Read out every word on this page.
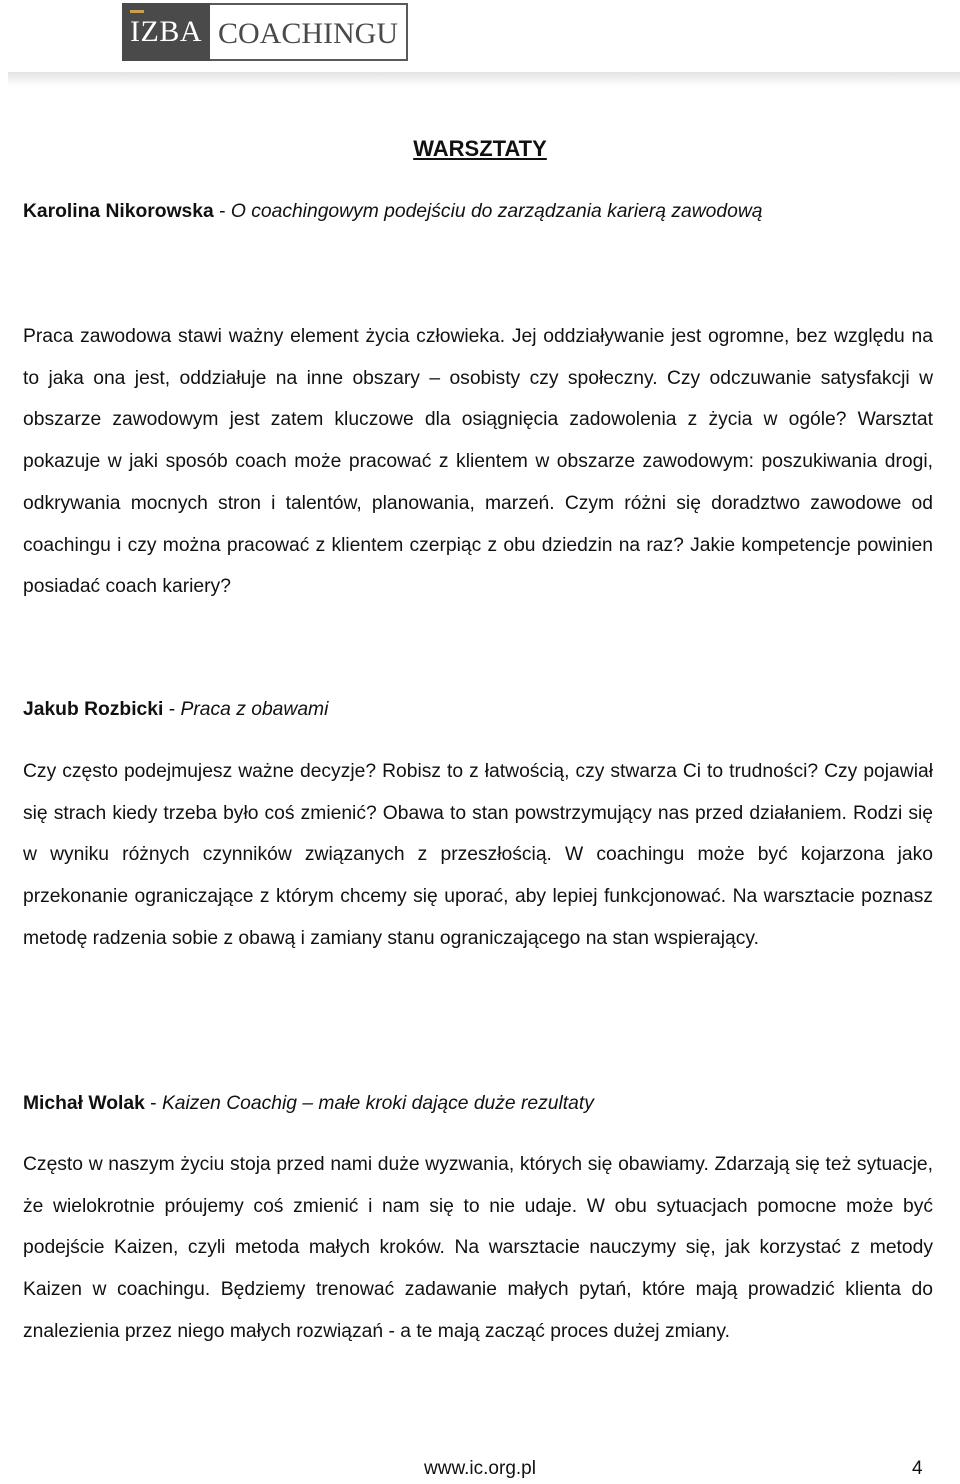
IZBA COACHINGU
WARSZTATY
Karolina Nikorowska - O coachingowym podejściu do zarządzania karierą zawodową

Praca zawodowa stawi ważny element życia człowieka. Jej oddziaływanie jest ogromne, bez względu na to jaka ona jest, oddziałuje na inne obszary – osobisty czy społeczny. Czy odczuwanie satysfakcji w obszarze zawodowym jest zatem kluczowe dla osiągnięcia zadowolenia z życia w ogóle? Warsztat pokazuje w jaki sposób coach może pracować z klientem w obszarze zawodowym: poszukiwania drogi, odkrywania mocnych stron i talentów, planowania, marzeń. Czym różni się doradztwo zawodowe od coachingu i czy można pracować z klientem czerpiąc z obu dziedzin na raz? Jakie kompetencje powinien posiadać coach kariery?

Jakub Rozbicki - Praca z obawami

Czy często podejmujesz ważne decyzje? Robisz to z łatwością, czy stwarza Ci to trudności? Czy pojawiał się strach kiedy trzeba było coś zmienić? Obawa to stan powstrzymujący nas przed działaniem. Rodzi się w wyniku różnych czynników związanych z przeszłością. W coachingu może być kojarzona jako przekonanie ograniczające z którym chcemy się uporać, aby lepiej funkcjonować. Na warsztacie poznasz metodę radzenia sobie z obawą i zamiany stanu ograniczającego na stan wspierający.

Michał Wolak - Kaizen Coachig – małe kroki dające duże rezultaty

Często w naszym życiu stoja przed nami duże wyzwania, których się obawiamy. Zdarzają się też sytuacje, że wielokrotnie próujemy coś zmienić i nam się to nie udaje. W obu sytuacjach pomocne może być podejście Kaizen, czyli metoda małych kroków. Na warsztacie nauczymy się, jak korzystać z metody Kaizen w coachingu. Będziemy trenować zadawanie małych pytań, które mają prowadzić klienta do znalezienia przez niego małych rozwiązań - a te mają zacząć proces dużej zmiany.

www.ic.org.pl	4
